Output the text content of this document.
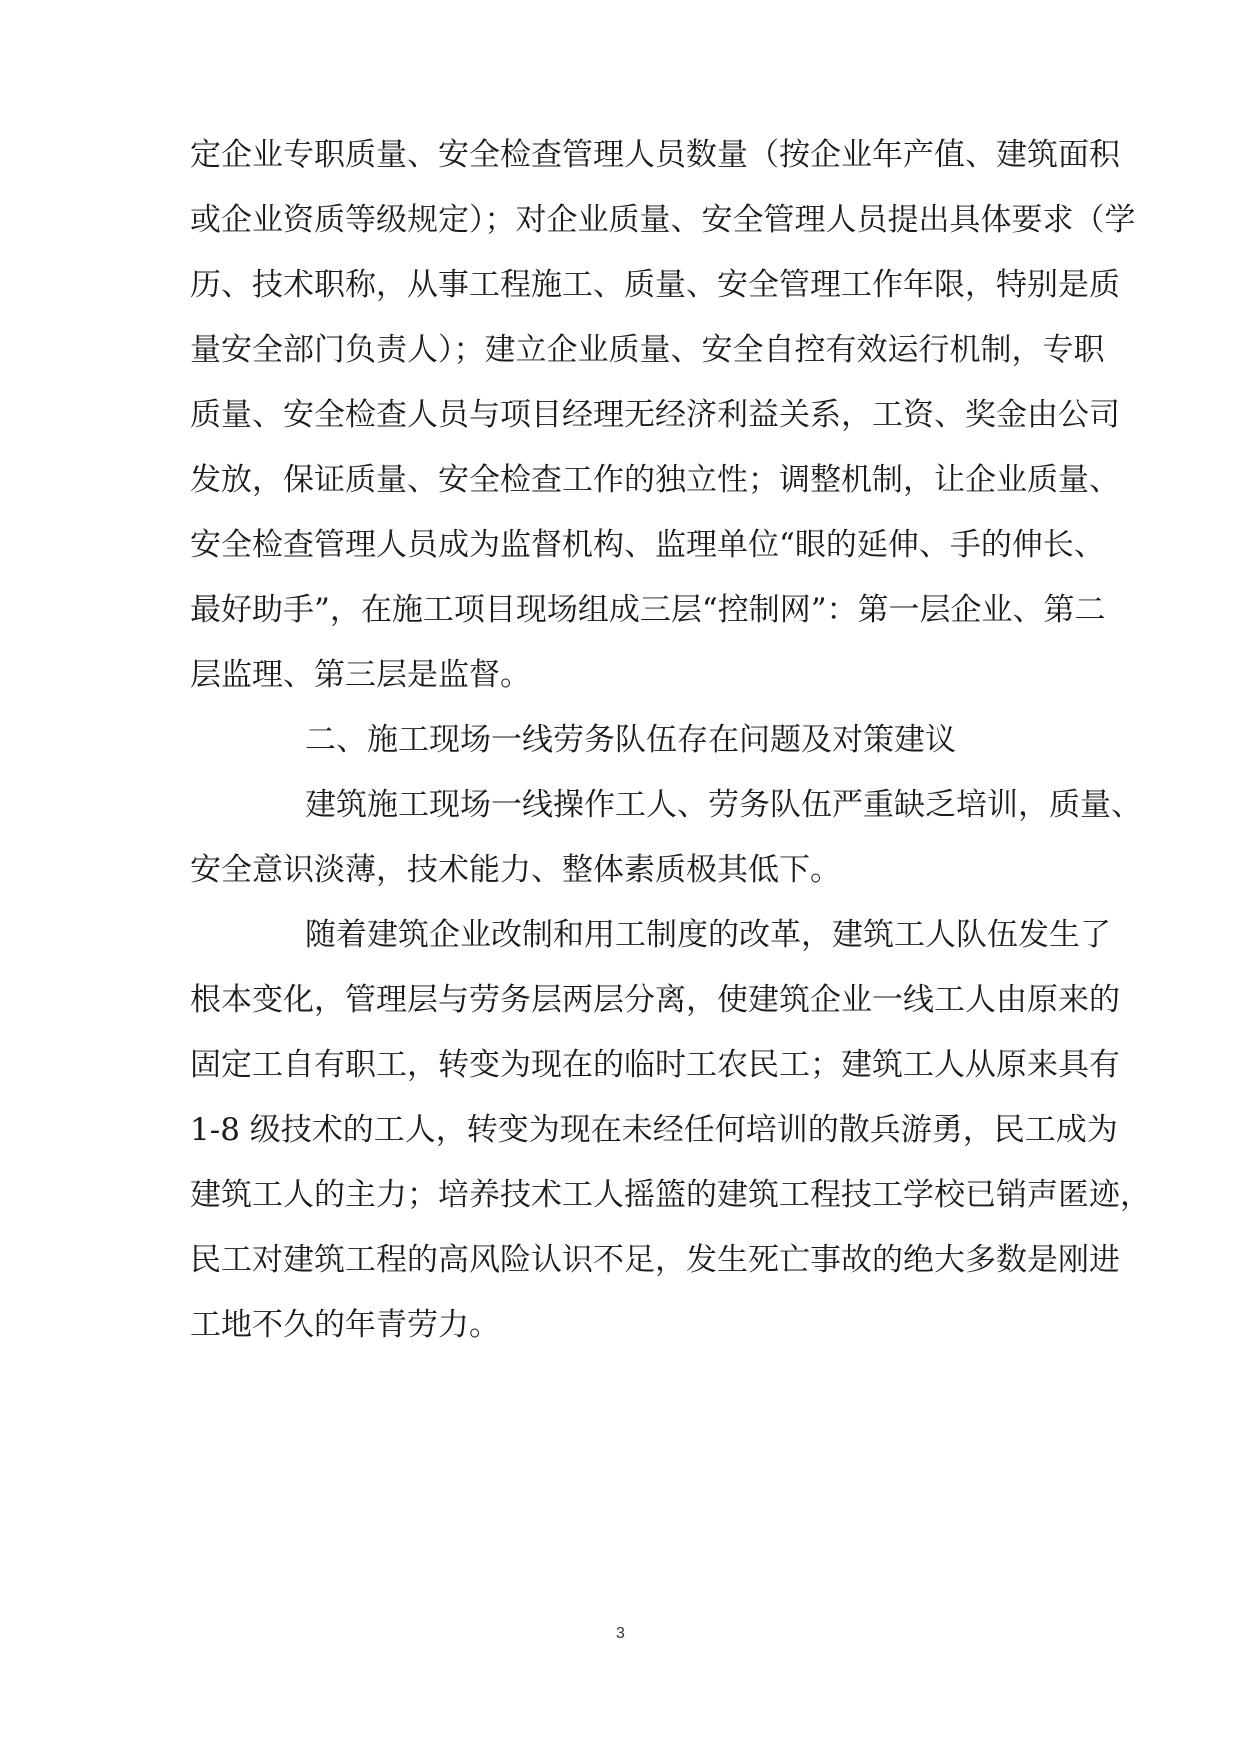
定企业专职质量、安全检查管理人员数量（按企业年产值、建筑面积
或企业资质等级规定）；对企业质量、安全管理人员提出具体要求（学
历、技术职称，从事工程施工、质量、安全管理工作年限，特别是质
量安全部门负责人）；建立企业质量、安全自控有效运行机制，专职
质量、安全检查人员与项目经理无经济利益关系，工资、奖金由公司
发放，保证质量、安全检查工作的独立性；调整机制，让企业质量、
安全检查管理人员成为监督机构、监理单位“眼的延伸、手的伸长、
最好助手”，在施工项目现场组成三层“控制网”：第一层企业、第二
层监理、第三层是监督。
二、施工现场一线劳务队伍存在问题及对策建议
建筑施工现场一线操作工人、劳务队伍严重缺乏培训，质量、
安全意识淡薄，技术能力、整体素质极其低下。
随着建筑企业改制和用工制度的改革，建筑工人队伍发生了
根本变化，管理层与劳务层两层分离，使建筑企业一线工人由原来的
固定工自有职工，转变为现在的临时工农民工；建筑工人从原来具有
1-8 级技术的工人，转变为现在未经任何培训的散兵游勇，民工成为
建筑工人的主力；培养技术工人摇篮的建筑工程技工学校已销声匿迹，
民工对建筑工程的高风险认识不足，发生死亡事故的绝大多数是刚进
工地不久的年青劳力。
3
